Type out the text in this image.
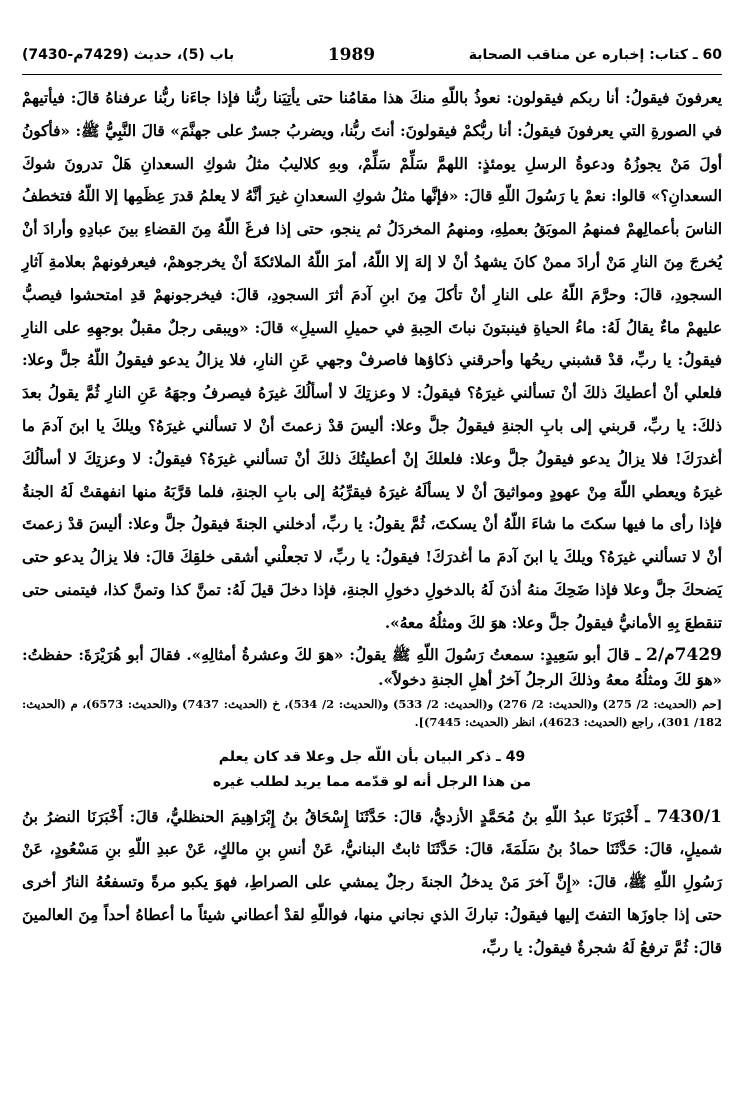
60 ـ كتاب: إخباره عن مناقب الصحابة
1989
باب (5)، حديث (7429م-7430)

يعرفونَ فيقولُ: أنا ربكم فيقولون: نعوذُ باللّهِ منكَ هذا مقامُنا حتى يأتِيَنا ربُّنا فإذا جاءَنا ربُّنا عرفناهُ قالَ: فيأتيهمْ في الصورةِ التي يعرفونَ فيقولُ: أنا ربُّكمْ فيقولونَ: أنتَ ربُّنا، ويضربُ جسرٌ على جهنَّمَ» قالَ النَّبِيُّ ﷺ: «فأكونُ أولَ مَنْ يجوزُهُ ودعوةُ الرسلِ يومئذٍ: اللهمَّ سَلِّمْ سَلِّمْ، وبهِ كلاليبُ مثلُ شوكِ السعدانِ هَلْ تدرونَ شوكَ السعدانِ؟» قالوا: نعمْ يا رَسُولَ اللّهِ قالَ: «فإنَّها مثلُ شوكِ السعدانِ غيرَ أنَّهُ لا يعلمُ قدرَ عِظَمِها إلا اللّهُ فتخطفُ الناسَ بأعمالِهمْ فمنهمُ الموبَقُ بعملِهِ، ومنهمُ المخردَلُ ثم ينجو، حتى إذا فرغَ اللّهُ مِنَ القضاءِ بينَ عبادِهِ وأرادَ أنْ يُخرجَ مِنَ النارِ مَنْ أرادَ ممنْ كانَ يشهدُ أنْ لا إلهَ إلا اللّهُ، أمرَ اللّهُ الملائكةَ أنْ يخرجوهمْ، فيعرفونهمْ بعلامةِ آثارِ السجودِ، قالَ: وحرَّمَ اللّهُ على النارِ أنْ تأكلَ مِنَ ابنِ آدمَ أثرَ السجودِ، قالَ: فيخرجونهمْ قدِ امتحشوا فيصبُّ عليهمْ ماءٌ يقالُ لَهُ: ماءُ الحياةِ فينبتونَ نباتَ الحِبةِ في حميلِ السيلِ» قالَ: «ويبقى رجلٌ مقبلٌ بوجهِهِ على النارِ فيقولُ: يا ربِّ، قدْ قشبني ريحُها وأحرقني ذكاؤها فاصرفْ وجهي عَنِ النارِ، فلا يزالُ يدعو فيقولُ اللّهُ جلَّ وعلا: فلعلي أنْ أعطيكَ ذلكَ أنْ تسألني غيرَهُ؟ فيقولُ: لا وعزتِكَ لا أسألُكَ غيرَهُ فيصرفُ وجهَهُ عَنِ النارِ ثُمَّ يقولُ بعدَ ذلكَ: يا ربِّ، قربني إلى بابِ الجنةِ فيقولُ جلَّ وعلا: أليسَ قدْ زعمتَ أنْ لا تسألني غيرَهُ؟ ويلكَ يا ابنَ آدمَ ما أغدرَكَ! فلا يزالُ يدعو فيقولُ جلَّ وعلا: فلعلكَ إنْ أعطيتُكَ ذلكَ أنْ تسألني غيرَهُ؟ فيقولُ: لا وعزتِكَ لا أسألُكَ غيرَهُ ويعطي اللّهَ مِنْ عهودٍ ومواثيقَ أنْ لا يسألَهُ غيرَهُ فيقرِّبُهُ إلى بابِ الجنةِ، فلما قرَّبَهُ منها انفهقتْ لَهُ الجنةُ فإذا رأى ما فيها سكتَ ما شاءَ اللّهُ أنْ يسكتَ، ثُمَّ يقولُ: يا ربِّ، أدخلني الجنةَ فيقولُ جلَّ وعلا: أليسَ قدْ زعمتَ أنْ لا تسألني غيرَهُ؟ ويلكَ يا ابنَ آدمَ ما أغدرَكَ! فيقولُ: يا ربِّ، لا تجعلْني أشقى خلقِكَ قالَ: فلا يزالُ يدعو حتى يَضحكَ جلَّ وعلا فإذا ضَحِكَ منهُ أذنَ لَهُ بالدخولِ دخولِ الجنةِ، فإذا دخلَ قيلَ لَهُ: تمنَّ كذا وتمنَّ كذا، فيتمنى حتى تنقطعَ بِهِ الأمانيُّ فيقولُ جلَّ وعلا: هوَ لكَ ومثلُهُ معهُ».

7429م/2 ـ قالَ أبو سَعِيدٍ: سمعتُ رَسُولَ اللّهِ ﷺ يقولُ: «هوَ لكَ وعشرةُ أمثالِهِ». فقالَ أبو هُرَيْرَةَ: حفظتُ: «هوَ لكَ ومثلُهُ معهُ وذلكَ الرجلُ آخرُ أهلِ الجنةِ دخولاً».

[حم (الحديث: 2/ 275) و(الحديث: 2/ 276) و(الحديث: 2/ 533) و(الحديث: 2/ 534)، خ (الحديث: 7437) و(الحديث: 6573)، م (الحديث: 182/ 301)، راجع (الحديث: 4623)، انظر (الحديث: 7445)].

49 ـ ذكر البيان بأن اللّه جل وعلا قد كان يعلم
من هذا الرجل أنه لو قدّمه مما يريد لطلب غيره

7430/1 ـ أَخْبَرَنَا عبدُ اللّهِ بنُ مُحَمَّدٍ الأزديُّ، قالَ: حَدَّثَنَا إِسْحَاقُ بنُ إِبْرَاهِيمَ الحنظليُّ، قالَ: أَخْبَرَنَا النضرُ بنُ شميلٍ، قالَ: حَدَّثَنَا حمادُ بنُ سَلَمَةَ، قالَ: حَدَّثَنَا ثابتٌ البنانيُّ، عَنْ أنسِ بنِ مالكٍ، عَنْ عبدِ اللّهِ بنِ مَسْعُودٍ، عَنْ رَسُولِ اللّهِ ﷺ، قالَ: «إِنَّ آخرَ مَنْ يدخلُ الجنةَ رجلٌ يمشي على الصراطِ، فهوَ يكبو مرةً وتسفعُهُ النارُ أخرى حتى إذا جاوزَها التفتَ إليها فيقولُ: تباركَ الذي نجاني منها، فواللّهِ لقدْ أعطاني شيئاً ما أعطاهُ أحداً مِنَ العالمينَ قالَ: ثُمَّ ترفعُ لَهُ شجرةٌ فيقولُ: يا ربِّ،
